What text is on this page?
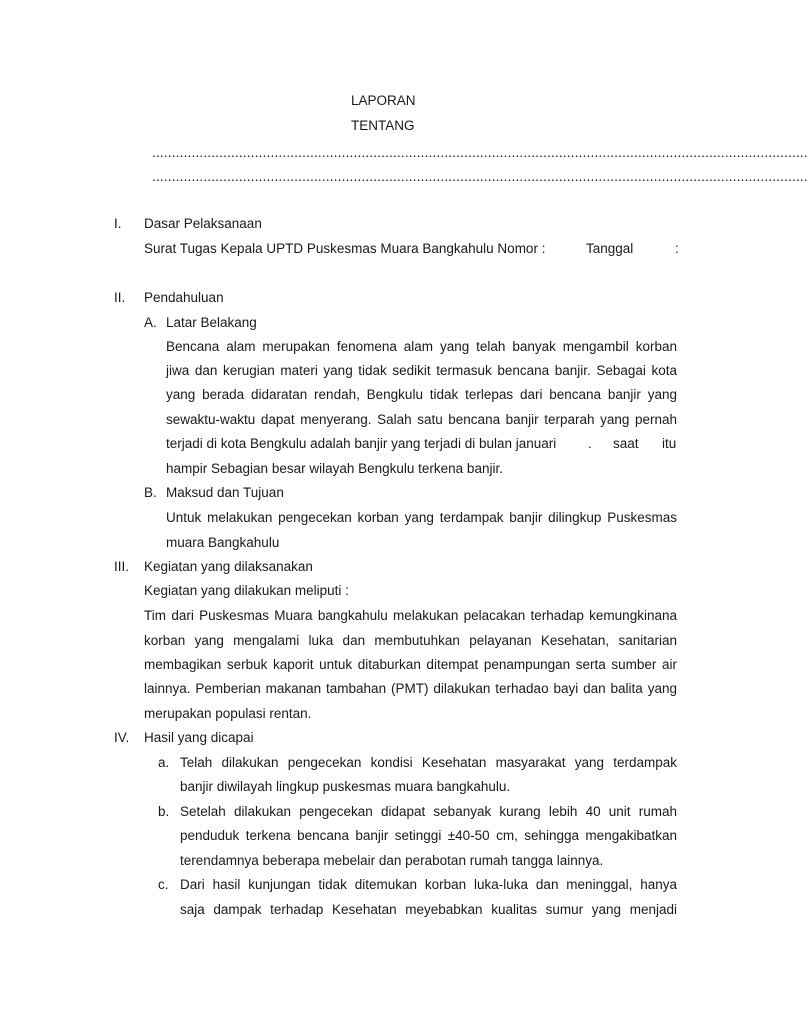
LAPORAN
TENTANG
......................................................................................................................................................................
......................................................................................................................................................................
I. Dasar Pelaksanaan
Surat Tugas Kepala UPTD Puskesmas Muara Bangkahulu Nomor :	Tanggal	:
II. Pendahuluan
A. Latar Belakang
Bencana alam merupakan fenomena alam yang telah banyak mengambil korban
jiwa dan kerugian materi yang tidak sedikit termasuk bencana banjir. Sebagai kota
yang berada didaratan rendah, Bengkulu tidak terlepas dari bencana banjir yang
sewaktu-waktu dapat menyerang. Salah satu bencana banjir terparah yang pernah
terjadi di kota Bengkulu adalah banjir yang terjadi di bulan januari . saat itu
hampir Sebagian besar wilayah Bengkulu terkena banjir.
B. Maksud dan Tujuan
Untuk melakukan pengecekan korban yang terdampak banjir dilingkup Puskesmas
muara Bangkahulu
III. Kegiatan yang dilaksanakan
Kegiatan yang dilakukan meliputi :
Tim dari Puskesmas Muara bangkahulu melakukan pelacakan terhadap kemungkinana
korban yang mengalami luka dan membutuhkan pelayanan Kesehatan, sanitarian
membagikan serbuk kaporit untuk ditaburkan ditempat penampungan serta sumber air
lainnya. Pemberian makanan tambahan (PMT) dilakukan terhadao bayi dan balita yang
merupakan populasi rentan.
IV. Hasil yang dicapai
a. Telah dilakukan pengecekan kondisi Kesehatan masyarakat yang terdampak
banjir diwilayah lingkup puskesmas muara bangkahulu.
b. Setelah dilakukan pengecekan didapat sebanyak kurang lebih 40 unit rumah
penduduk terkena bencana banjir setinggi ±40-50 cm, sehingga mengakibatkan
terendamnya beberapa mebelair dan perabotan rumah tangga lainnya.
c. Dari hasil kunjungan tidak ditemukan korban luka-luka dan meninggal, hanya
saja dampak terhadap Kesehatan meyebabkan kualitas sumur yang menjadi
